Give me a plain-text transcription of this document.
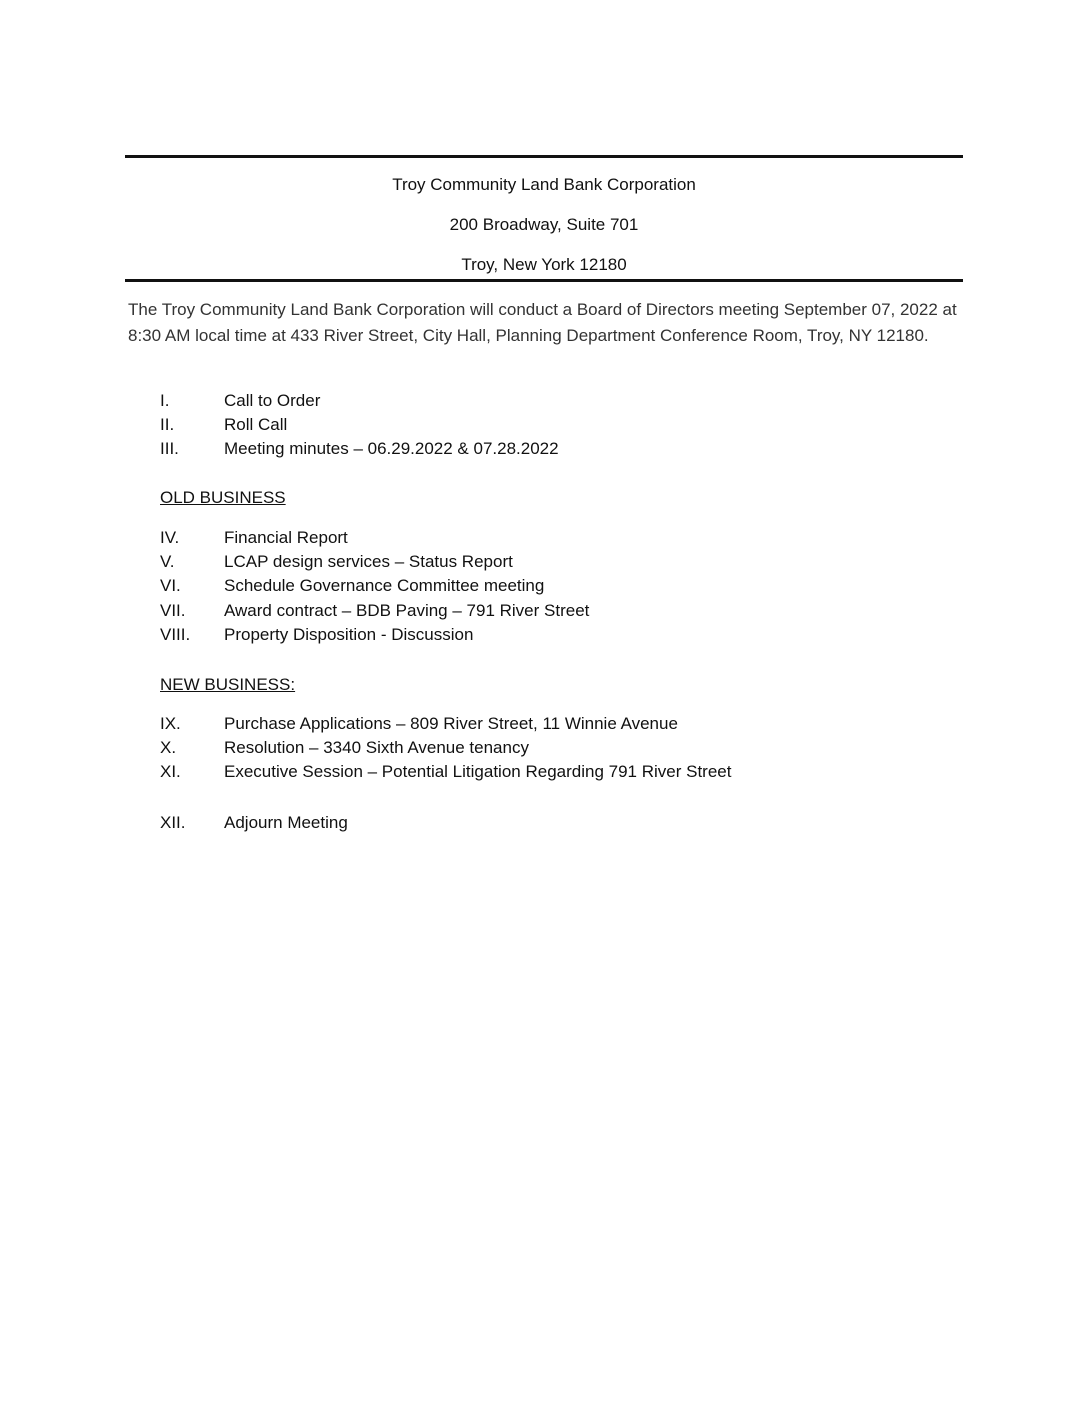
Troy Community Land Bank Corporation
200 Broadway, Suite 701
Troy, New York 12180
The Troy Community Land Bank Corporation will conduct a Board of Directors meeting September 07, 2022 at 8:30 AM local time at 433 River Street, City Hall, Planning Department Conference Room, Troy, NY 12180.
I.	Call to Order
II.	Roll Call
III.	Meeting minutes – 06.29.2022 & 07.28.2022
OLD BUSINESS
IV.	Financial Report
V.	LCAP design services – Status Report
VI.	Schedule Governance Committee meeting
VII. Award contract – BDB Paving – 791 River Street
VIII. Property Disposition - Discussion
NEW BUSINESS:
IX.	Purchase Applications – 809 River Street, 11 Winnie Avenue
X.	Resolution – 3340 Sixth Avenue tenancy
XI.	Executive Session – Potential Litigation Regarding 791 River Street
XII. Adjourn Meeting
